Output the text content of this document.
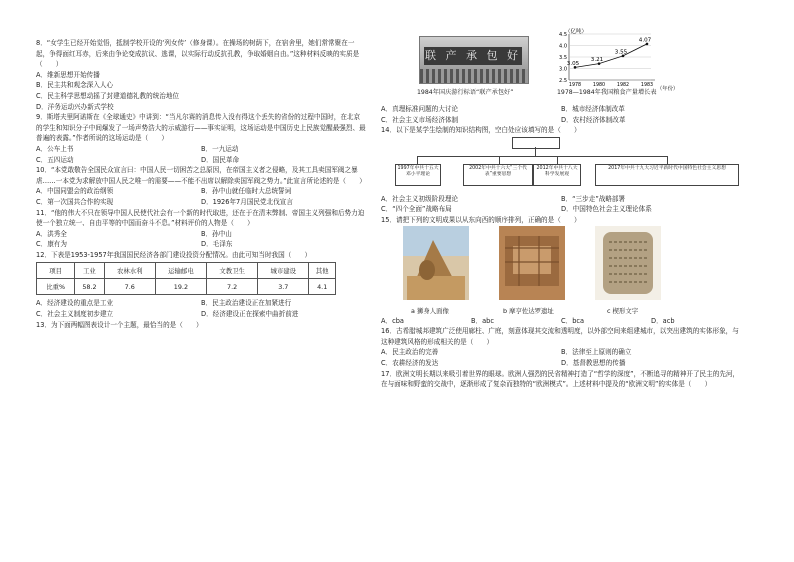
8．“女学生已经开始觉悟，抵制学校开设的‘列女传’（修身课）。在操场的树荫下，在宿舍里，她们常常聚在一起，争得面红耳赤，后来由争论变成抗议、逃课，以实际行动反抗孔教，争取婚姻自由。”这种材料反映的实质是（　　）

A．维新思想开始传播
B．民主共和观念深入人心
C．民主科学思想动摇了封建道德礼教的统治地位
D．洋务运动兴办新式学校

9．斯塔夫里阿诺斯在《全球通史》中讲到：“当凡尔赛的消息传入没有得这个丢失的省份的过程中国时，在北京的学生和知识分子中间爆发了一场声势浩大的示威游行——事实证明，这场运动是中国历史上民族觉醒最强烈、最普遍的表露。”作者所说的这场运动是（　　）

A．公车上书	B．一九运动
C．五四运动	D．国民革命

10．“本党敢敬告全国民众宣言曰：中国人民一切困苦之总原因，在帝国主义者之侵略，及其工具卖国军阀之暴虐……一本党为求解放中国人民之唯一的需要——不能不出席以解除卖国军阀之势力。”此宣言所论述的是（　　）

A．中国同盟会的政治纲领	B．孙中山就任临时大总统誓词
C．第一次国共合作的实现	D．1926年7月国民党北伐宣言

11．“他的伟大不只在领导中国人民使代社会有一个新的时代取进，还在于在清末弊制、帝国主义列强和后势力迫使一个独立统一、自由平等的中国而奋斗不息。”材料评价的人物是（　　）

A．洪秀全	B．孙中山
C．康有为	D．毛泽东

12．下表是1953-1957年我国国民经济各部门建设投资分配情况。由此可知当时我国（　　）

项目	工业	农林水利	运输邮电	文教卫生	城市建设	其他
比重%	58.2	7.6	19.2	7.2	3.7	4.1
A．经济建设的重点是工业	B．民主政治建设正在加紧进行
C．社会主义制度初步建立	D．经济建设正在探索中曲折前进

13．为下面两幅图表设计一个主题，最恰当的是（　　）

联 产 承 包 好
1984年国庆游行标语“联产承包好”
（亿吨）
4.5
4.0
3.5
3.0
2.5
1978 1980 1982 1983
3.05
3.21
3.55
4.07
（年份）
1978—1984年我国粮食产量增长表
A．真理标准问题的大讨论	B．城市经济体制改革
C．社会主义市场经济体制	D．农村经济体制改革

14．以下是某学生绘制的知识结构图，空白处应该填写的是（　　）

1997年中共十五大邓小平理论
2002年中共十六大“三个代表”重要思想
2012年中共十八大科学发展观
2017年中共十九大习近平新时代中国特色社会主义思想
A．社会主义初级阶段理论	B．“三步走”战略部署
C．“四个全面”战略布局	D．中国特色社会主义理论体系

15．请把下列的文明成果以从东向西的顺序排列，正确的是（　　）

a 狮身人面像	b 摩亨佐达罗遗址	c 楔形文字
A．cba	B．abc	C．bca	D．acb

16．古希腊城邦建筑广泛使用廊柱、广庭，刻意体现其交流和透明度，以外部空间来组建城市，以突出建筑的实体形象，与这种建筑风格的形成相关的是（　　）

A．民主政治的完善	B．法律至上原则的确立
C．农耕经济的发达	D．基督教思想的传播

17．欧洲文明长期以来吸引着世界的眼球。欧洲人强烈的民省精神打造了“哲学的深度”，不断追寻的精神开了民主的先河，在与面味和野蛮的交战中，逐渐形成了复杂而独特的“欧洲模式”。上述材料中提及的“欧洲文明”的实体是（　　）
